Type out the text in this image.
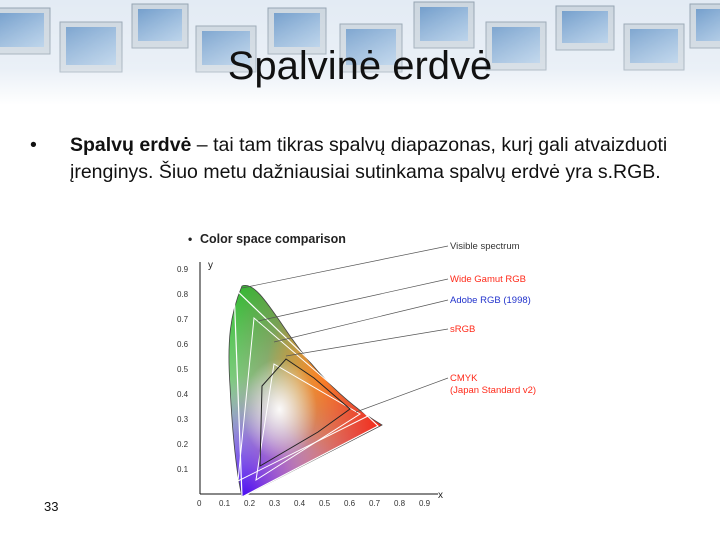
Spalvinė erdvė
• Spalvų erdvė – tai tam tikras spalvų diapazonas, kurį gali atvaizduoti įrenginys. Šiuo metu dažniausiai sutinkama spalvų erdvė yra s.RGB.
33
• Color space comparison
y
x
0.9
0.8
0.7
0.6
0.5
0.4
0.3
0.2
0.1
0 0.1 0.2 0.3 0.4 0.5 0.6 0.7 0.8 0.9
Visible spectrum
Wide Gamut RGB
Adobe RGB (1998)
sRGB
CMYK
(Japan Standard v2)
